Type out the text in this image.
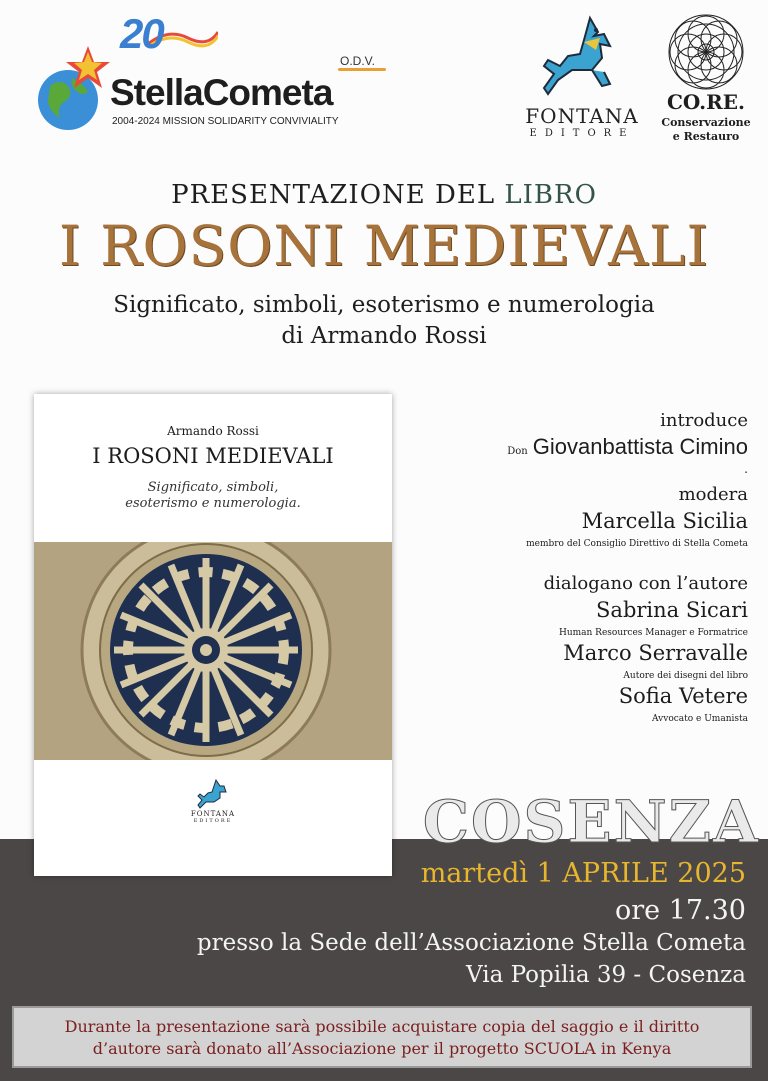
20
O.D.V.
StellaCometa
2004-2024 MISSION SOLIDARITY CONVIVIALITY	FONTANA
EDITORE
CO.RE.
Conservazione
e Restauro
PRESENTAZIONE DEL LIBRO
I ROSONI MEDIEVALI
Significato, simboli, esoterismo e numerologia
di Armando Rossi
COSENZA
Armando Rossi
I ROSONI MEDIEVALI
Significato, simboli,
esoterismo e numerologia.
FONTANA
EDITORE
introduce
Don Giovanbattista Cimino
.
modera
Marcella Sicilia
membro del Consiglio Direttivo di Stella Cometa
dialogano con l’autore
Sabrina Sicari
Human Resources Manager e Formatrice
Marco Serravalle
Autore dei disegni del libro
Sofia Vetere
Avvocato e Umanista
martedì 1 APRILE 2025
ore 17.30
presso la Sede dell’Associazione Stella Cometa
Via Popilia 39 - Cosenza
Durante la presentazione sarà possibile acquistare copia del saggio e il diritto
d’autore sarà donato all’Associazione per il progetto SCUOLA in Kenya
